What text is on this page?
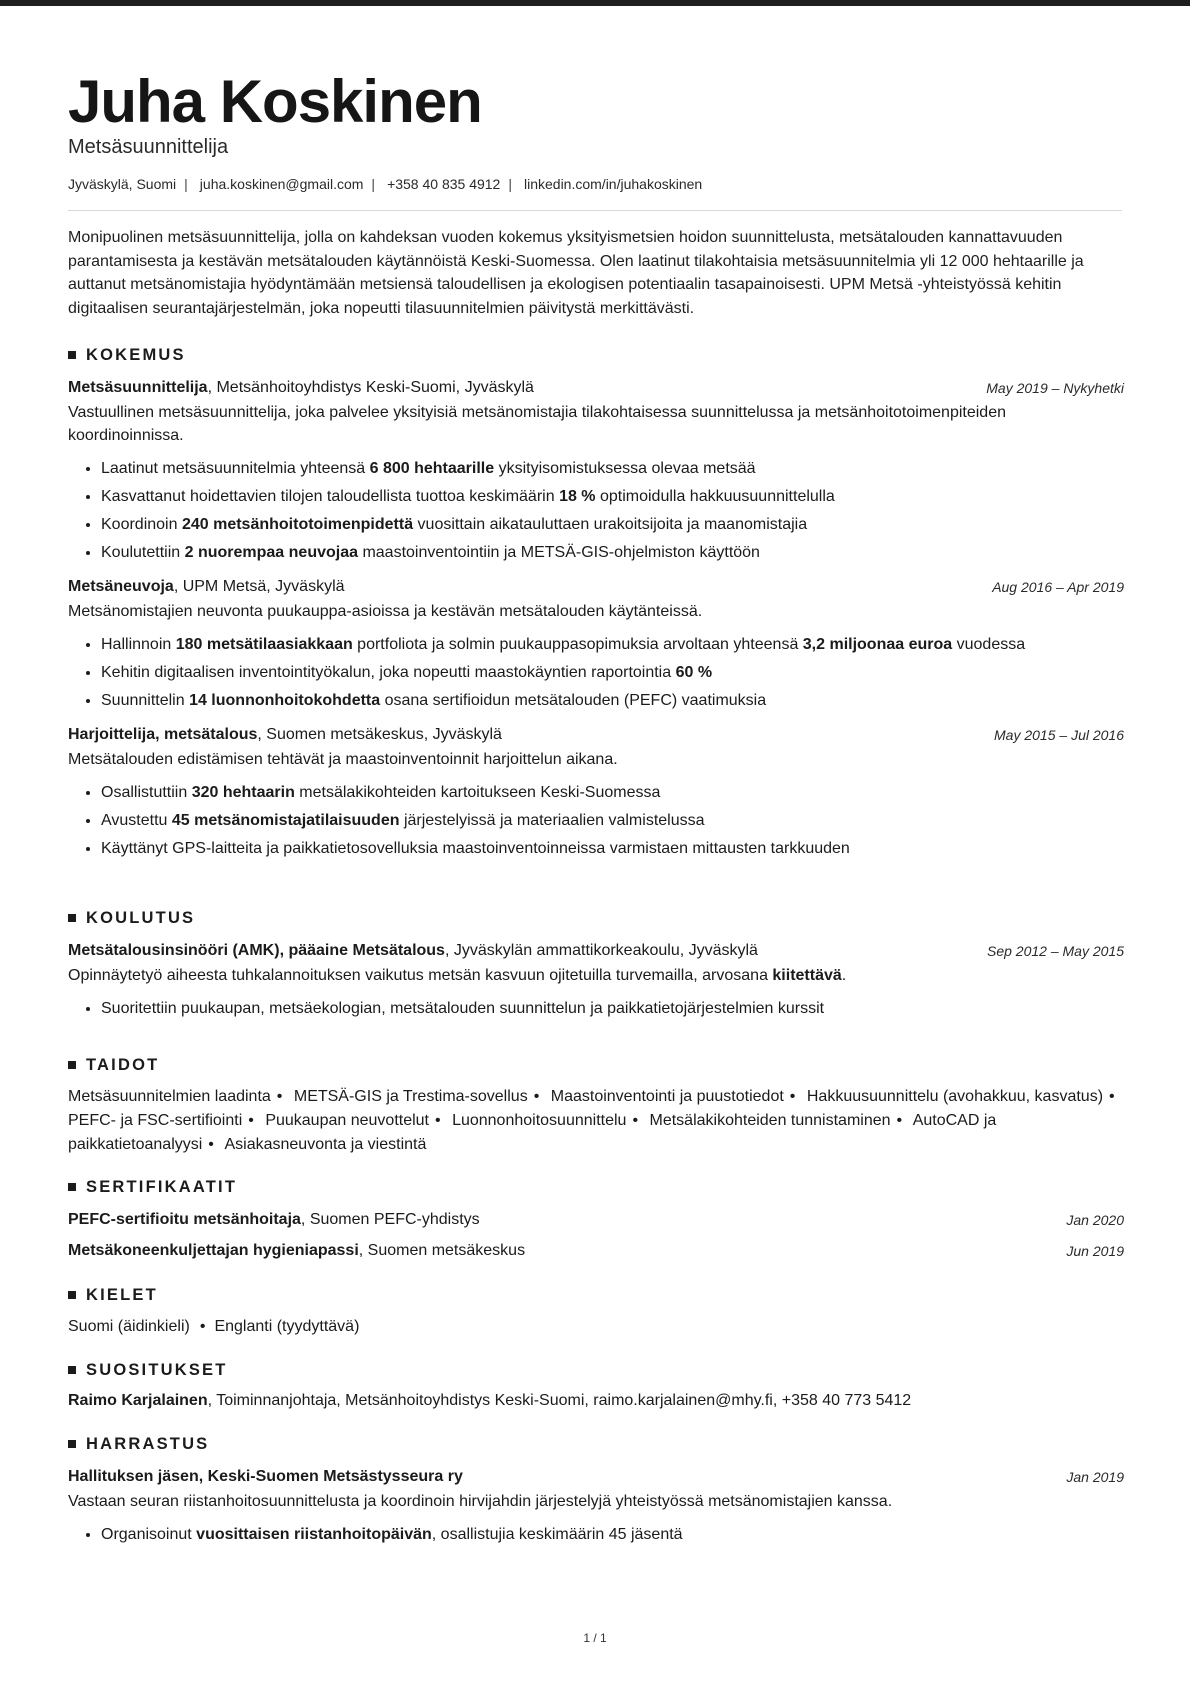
Juha Koskinen
Metsäsuunnittelija
Jyväskylä, Suomi | juha.koskinen@gmail.com | +358 40 835 4912 | linkedin.com/in/juhakoskinen
Monipuolinen metsäsuunnittelija, jolla on kahdeksan vuoden kokemus yksityismetsien hoidon suunnittelusta, metsätalouden kannattavuuden parantamisesta ja kestävän metsätalouden käytännöistä Keski-Suomessa. Olen laatinut tilakohtaisia metsäsuunnitelmia yli 12 000 hehtaarille ja auttanut metsänomistajia hyödyntämään metsiensä taloudellisen ja ekologisen potentiaalin tasapainoisesti. UPM Metsä -yhteistyössä kehitin digitaalisen seurantajärjestelmän, joka nopeutti tilasuunnitelmien päivitystä merkittävästi.
KOKEMUS
Metsäsuunnittelija, Metsänhoitoyhdistys Keski-Suomi, Jyväskylä	May 2019 – Nykyhetki
Vastuullinen metsäsuunnittelija, joka palvelee yksityisiä metsänomistajia tilakohtaisessa suunnittelussa ja metsänhoitotoimenpiteiden koordinoinnissa.
• Laatinut metsäsuunnitelmia yhteensä 6 800 hehtaarille yksityisomistuksessa olevaa metsää
• Kasvattanut hoidettavien tilojen taloudellista tuottoa keskimäärin 18 % optimoidulla hakkuusuunnittelulla
• Koordinoin 240 metsänhoitotoimenpidettä vuosittain aikatauluttaen urakoitsijoita ja maanomistajia
• Koulutettiin 2 nuorempaa neuvojaa maastoinventointiin ja METSÄ-GIS-ohjelmiston käyttöön
Metsäneuvoja, UPM Metsä, Jyväskylä	Aug 2016 – Apr 2019
Metsänomistajien neuvonta puukauppa-asioissa ja kestävän metsätalouden käytänteissä.
• Hallinnoin 180 metsätilaasiakkaan portfoliota ja solmin puukauppasopimuksia arvoltaan yhteensä 3,2 miljoonaa euroa vuodessa
• Kehitin digitaalisen inventointityökalun, joka nopeutti maastokäyntien raportointia 60 %
• Suunnittelin 14 luonnonhoitokohdetta osana sertifioidun metsätalouden (PEFC) vaatimuksia
Harjoittelija, metsätalous, Suomen metsäkeskus, Jyväskylä	May 2015 – Jul 2016
Metsätalouden edistämisen tehtävät ja maastoinventoinnit harjoittelun aikana.
• Osallistuttiin 320 hehtaarin metsälakikohteiden kartoitukseen Keski-Suomessa
• Avustettu 45 metsänomistajatilaisuuden järjestelyissä ja materiaalien valmistelussa
• Käyttänyt GPS-laitteita ja paikkatietosovelluksia maastoinventoinneissa varmistaen mittausten tarkkuuden
KOULUTUS
Metsätalousinsinööri (AMK), pääaine Metsätalous, Jyväskylän ammattikorkeakoulu, Jyväskylä	Sep 2012 – May 2015
Opinnäytetyö aiheesta tuhkalannoituksen vaikutus metsän kasvuun ojitetuilla turvemailla, arvosana kiitettävä.
• Suoritettiin puukaupan, metsäekologian, metsätalouden suunnittelun ja paikkatietojärjestelmien kurssit
TAIDOT
Metsäsuunnitelmien laadinta • METSÄ-GIS ja Trestima-sovellus • Maastoinventointi ja puustotiedot • Hakkuusuunnittelu (avohakkuu, kasvatus) • PEFC- ja FSC-sertifiointi • Puukaupan neuvottelut • Luonnonhoitosuunnittelu • Metsälakikohteiden tunnistaminen • AutoCAD ja paikkatietoanalyysi • Asiakasneuvonta ja viestintä
SERTIFIKAATIT
PEFC-sertifioitu metsänhoitaja, Suomen PEFC-yhdistys	Jan 2020
Metsäkoneenkuljettajan hygieniapassi, Suomen metsäkeskus	Jun 2019
KIELET
Suomi (äidinkieli) • Englanti (tyydyttävä)
SUOSITUKSET
Raimo Karjalainen, Toiminnanjohtaja, Metsänhoitoyhdistys Keski-Suomi, raimo.karjalainen@mhy.fi, +358 40 773 5412
HARRASTUS
Hallituksen jäsen, Keski-Suomen Metsästysseura ry	Jan 2019
Vastaan seuran riistanhoitosuunnittelusta ja koordinoin hirvijahdin järjestelyjä yhteistyössä metsänomistajien kanssa.
• Organisoinut vuosittaisen riistanhoitopäivän, osallistujia keskimäärin 45 jäsentä
1 / 1
